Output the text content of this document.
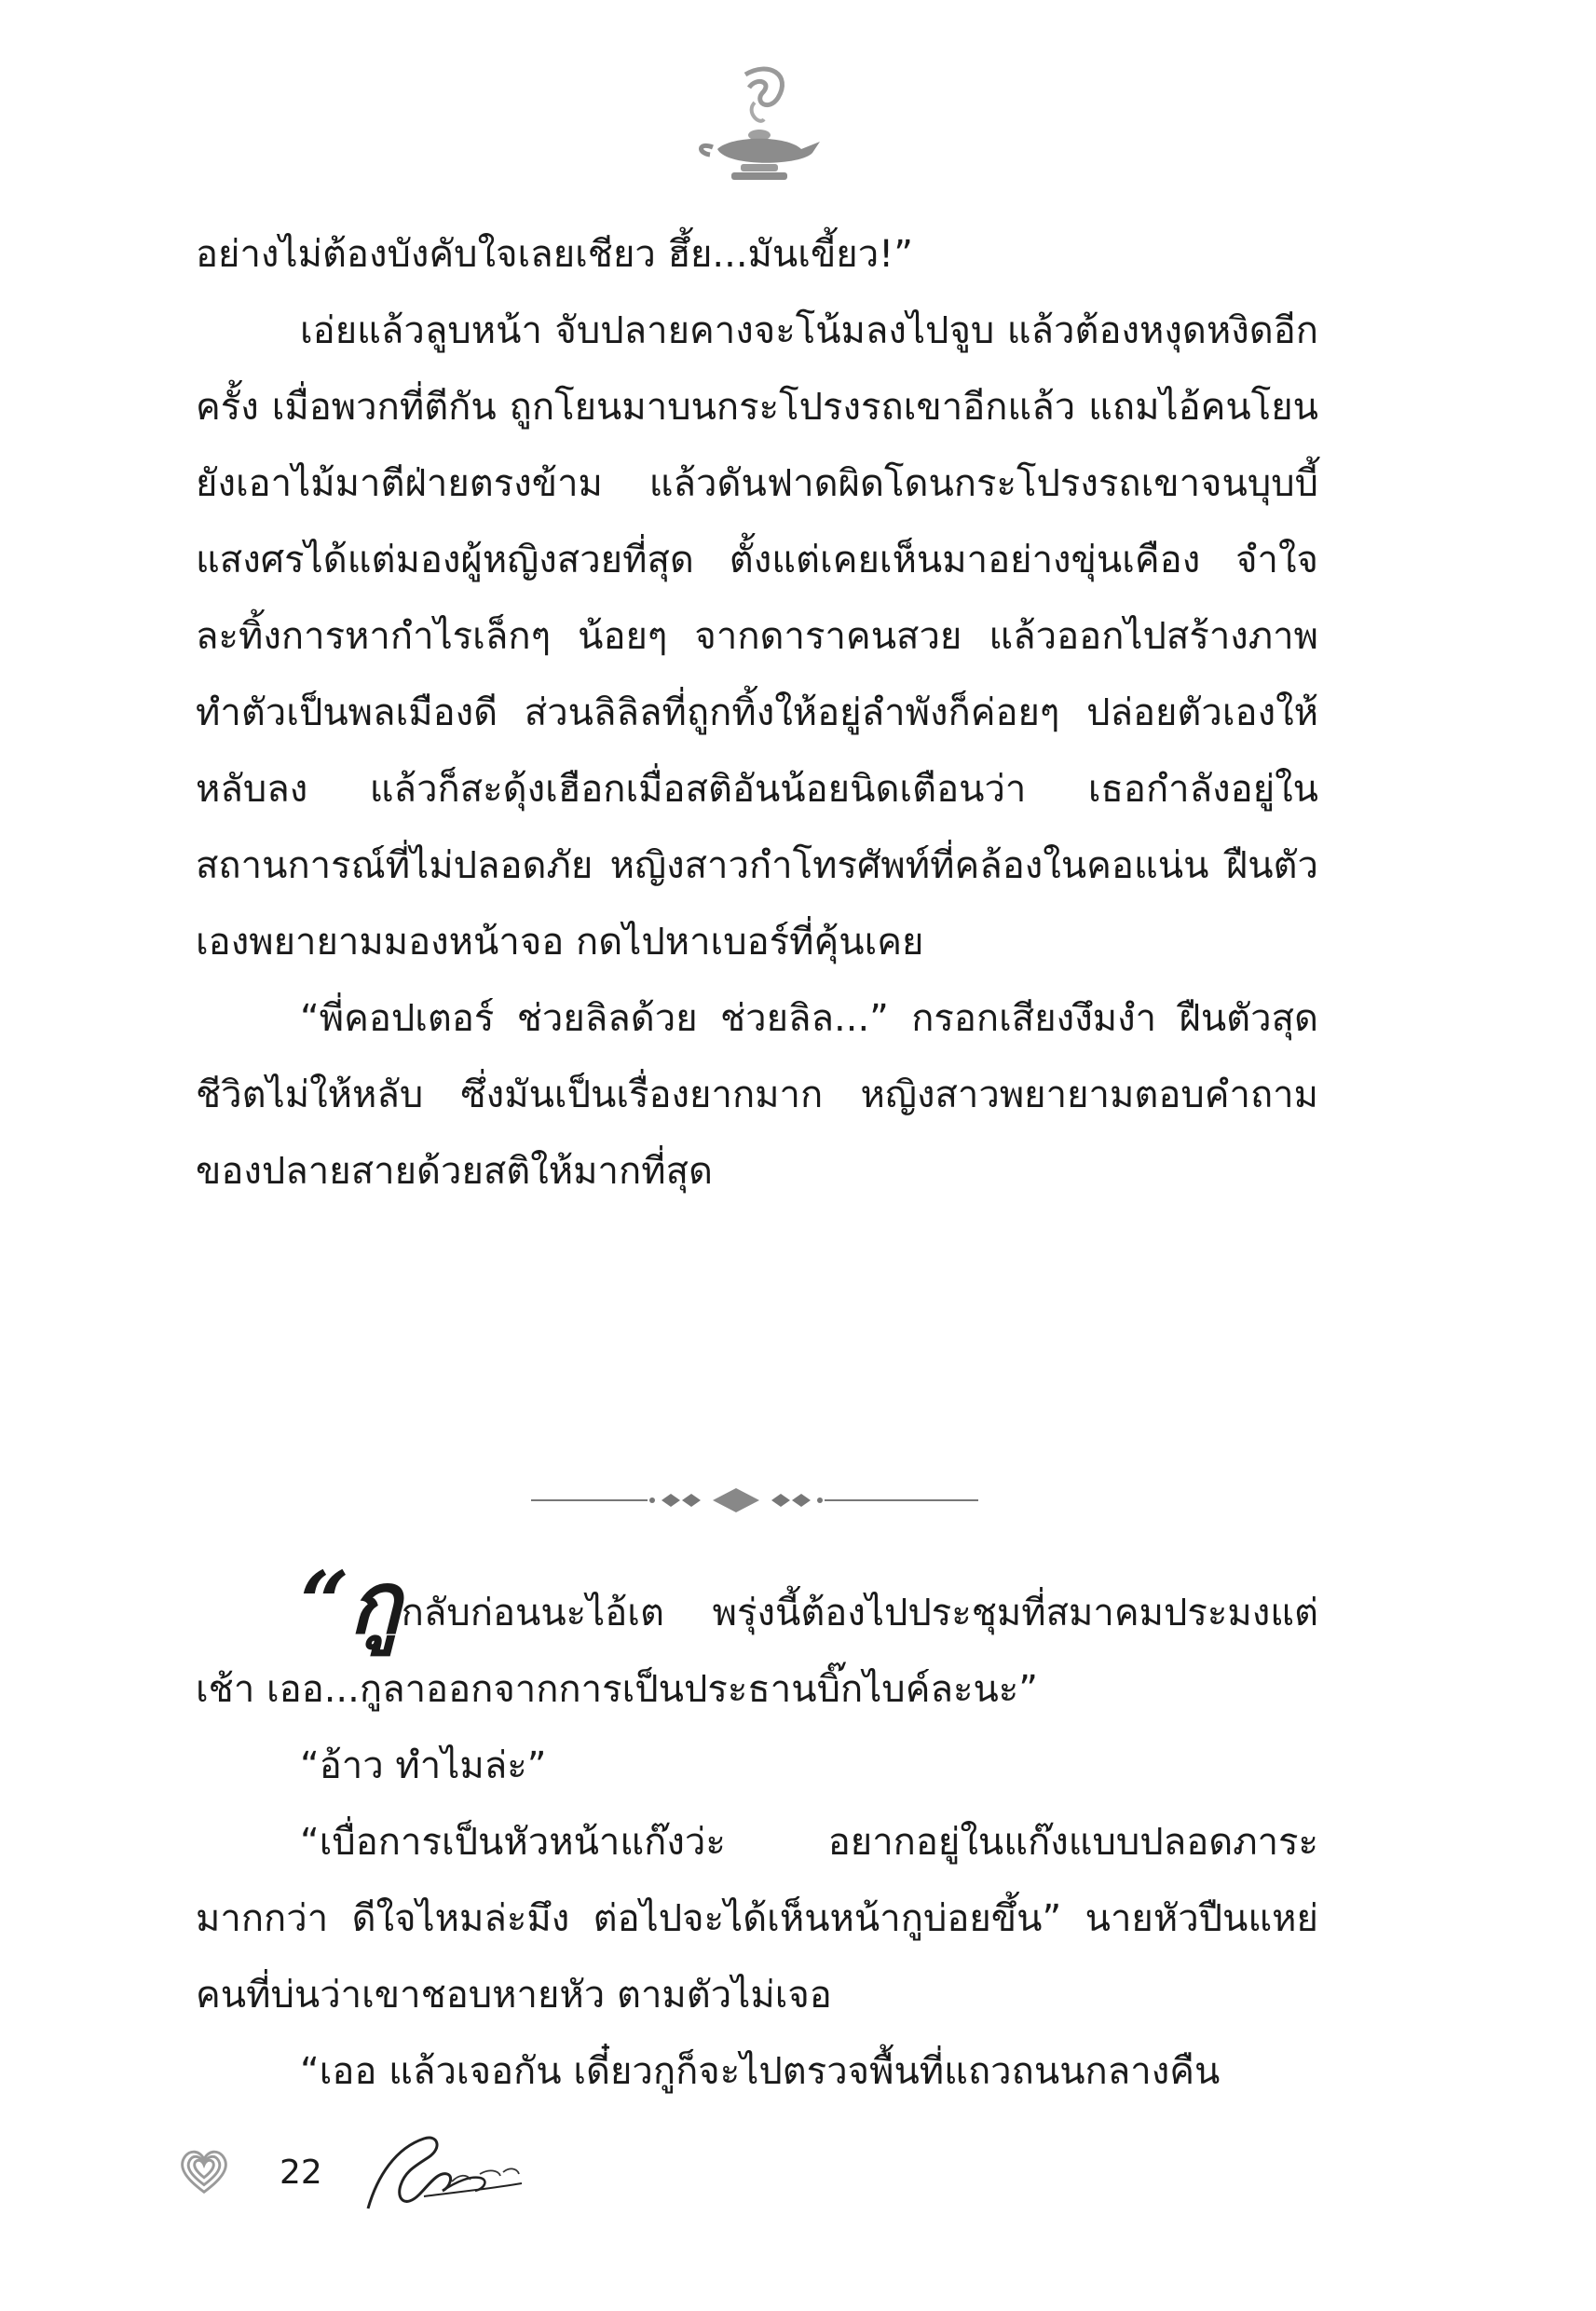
อย่างไม่ต้องบังคับใจเลยเชียว ฮึ้ย...มันเขี้ยว!”

เอ่ยแล้วลูบหน้า จับปลายคางจะโน้มลงไปจูบ แล้วต้องหงุดหงิดอีกครั้ง เมื่อพวกที่ตีกัน ถูกโยนมาบนกระโปรงรถเขาอีกแล้ว แถมไอ้คนโยนยังเอาไม้มาตีฝ่ายตรงข้าม แล้วดันฟาดผิดโดนกระโปรงรถเขาจนบุบบี้ แสงศรได้แต่มองผู้หญิงสวยที่สุด ตั้งแต่เคยเห็นมาอย่างขุ่นเคือง จำใจละทิ้งการหากำไรเล็กๆ น้อยๆ จากดาราคนสวย แล้วออกไปสร้างภาพ ทำตัวเป็นพลเมืองดี ส่วนลิลิลที่ถูกทิ้งให้อยู่ลำพังก็ค่อยๆ ปล่อยตัวเองให้หลับลง แล้วก็สะดุ้งเฮือกเมื่อสติอันน้อยนิดเตือนว่า เธอกำลังอยู่ในสถานการณ์ที่ไม่ปลอดภัย หญิงสาวกำโทรศัพท์ที่คล้องในคอแน่น ฝืนตัวเองพยายามมองหน้าจอ กดไปหาเบอร์ที่คุ้นเคย

“พี่คอปเตอร์ ช่วยลิลด้วย ช่วยลิล...” กรอกเสียงงึมงำ ฝืนตัวสุดชีวิตไม่ให้หลับ ซึ่งมันเป็นเรื่องยากมาก หญิงสาวพยายามตอบคำถามของปลายสายด้วยสติให้มากที่สุด

“กูกลับก่อนนะไอ้เต พรุ่งนี้ต้องไปประชุมที่สมาคมประมงแต่เช้า เออ...กูลาออกจากการเป็นประธานบิ๊กไบค์ละนะ”

“อ้าว ทำไมล่ะ”

“เบื่อการเป็นหัวหน้าแก๊งว่ะ อยากอยู่ในแก๊งแบบปลอดภาระมากกว่า ดีใจไหมล่ะมึง ต่อไปจะได้เห็นหน้ากูบ่อยขึ้น” นายหัวปืนแหย่คนที่บ่นว่าเขาชอบหายหัว ตามตัวไม่เจอ

“เออ แล้วเจอกัน เดี๋ยวกูก็จะไปตรวจพื้นที่แถวถนนกลางคืน

22
